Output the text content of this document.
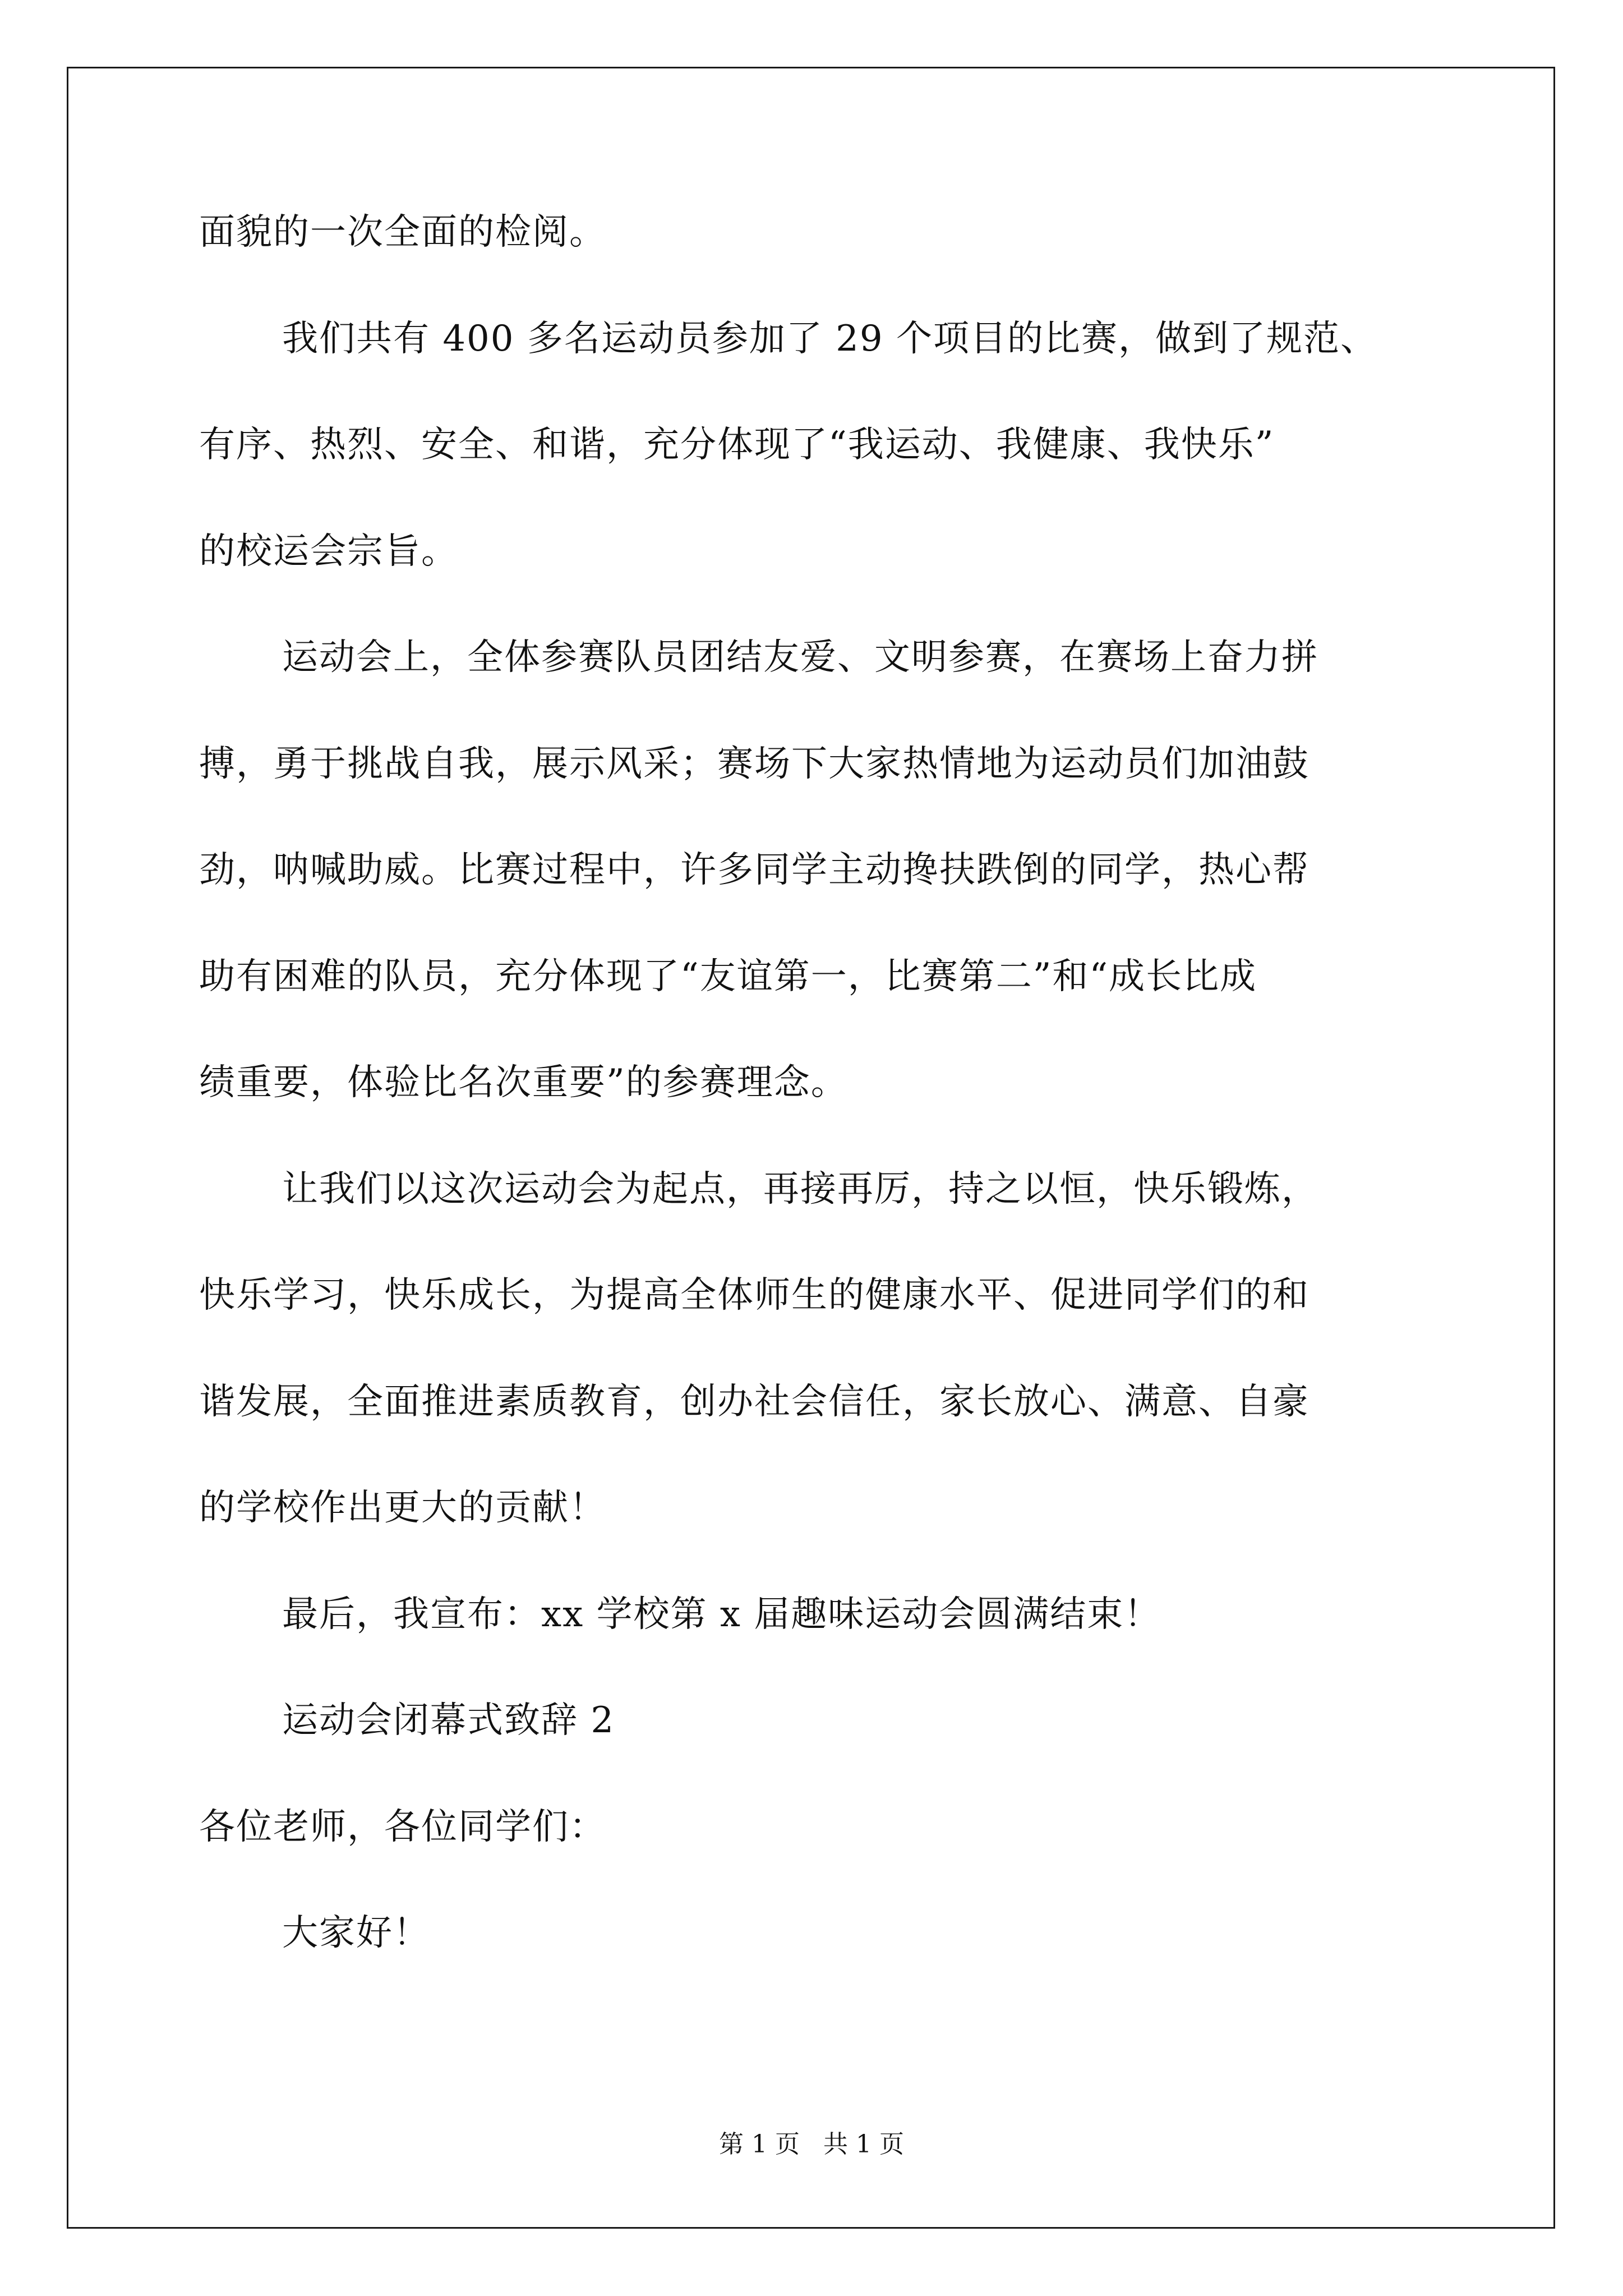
面貌的一次全面的检阅。
我们共有 400 多名运动员参加了 29 个项目的比赛，做到了规范、
有序、热烈、安全、和谐，充分体现了“我运动、我健康、我快乐”
的校运会宗旨。
运动会上，全体参赛队员团结友爱、文明参赛，在赛场上奋力拼
搏，勇于挑战自我，展示风采；赛场下大家热情地为运动员们加油鼓
劲，呐喊助威。比赛过程中，许多同学主动搀扶跌倒的同学，热心帮
助有困难的队员，充分体现了“友谊第一，比赛第二”和“成长比成
绩重要，体验比名次重要”的参赛理念。
让我们以这次运动会为起点，再接再厉，持之以恒，快乐锻炼，
快乐学习，快乐成长，为提高全体师生的健康水平、促进同学们的和
谐发展，全面推进素质教育，创办社会信任，家长放心、满意、自豪
的学校作出更大的贡献！
最后，我宣布：xx 学校第 x 届趣味运动会圆满结束！
运动会闭幕式致辞 2
各位老师，各位同学们：
大家好！
第 1 页   共 1 页
